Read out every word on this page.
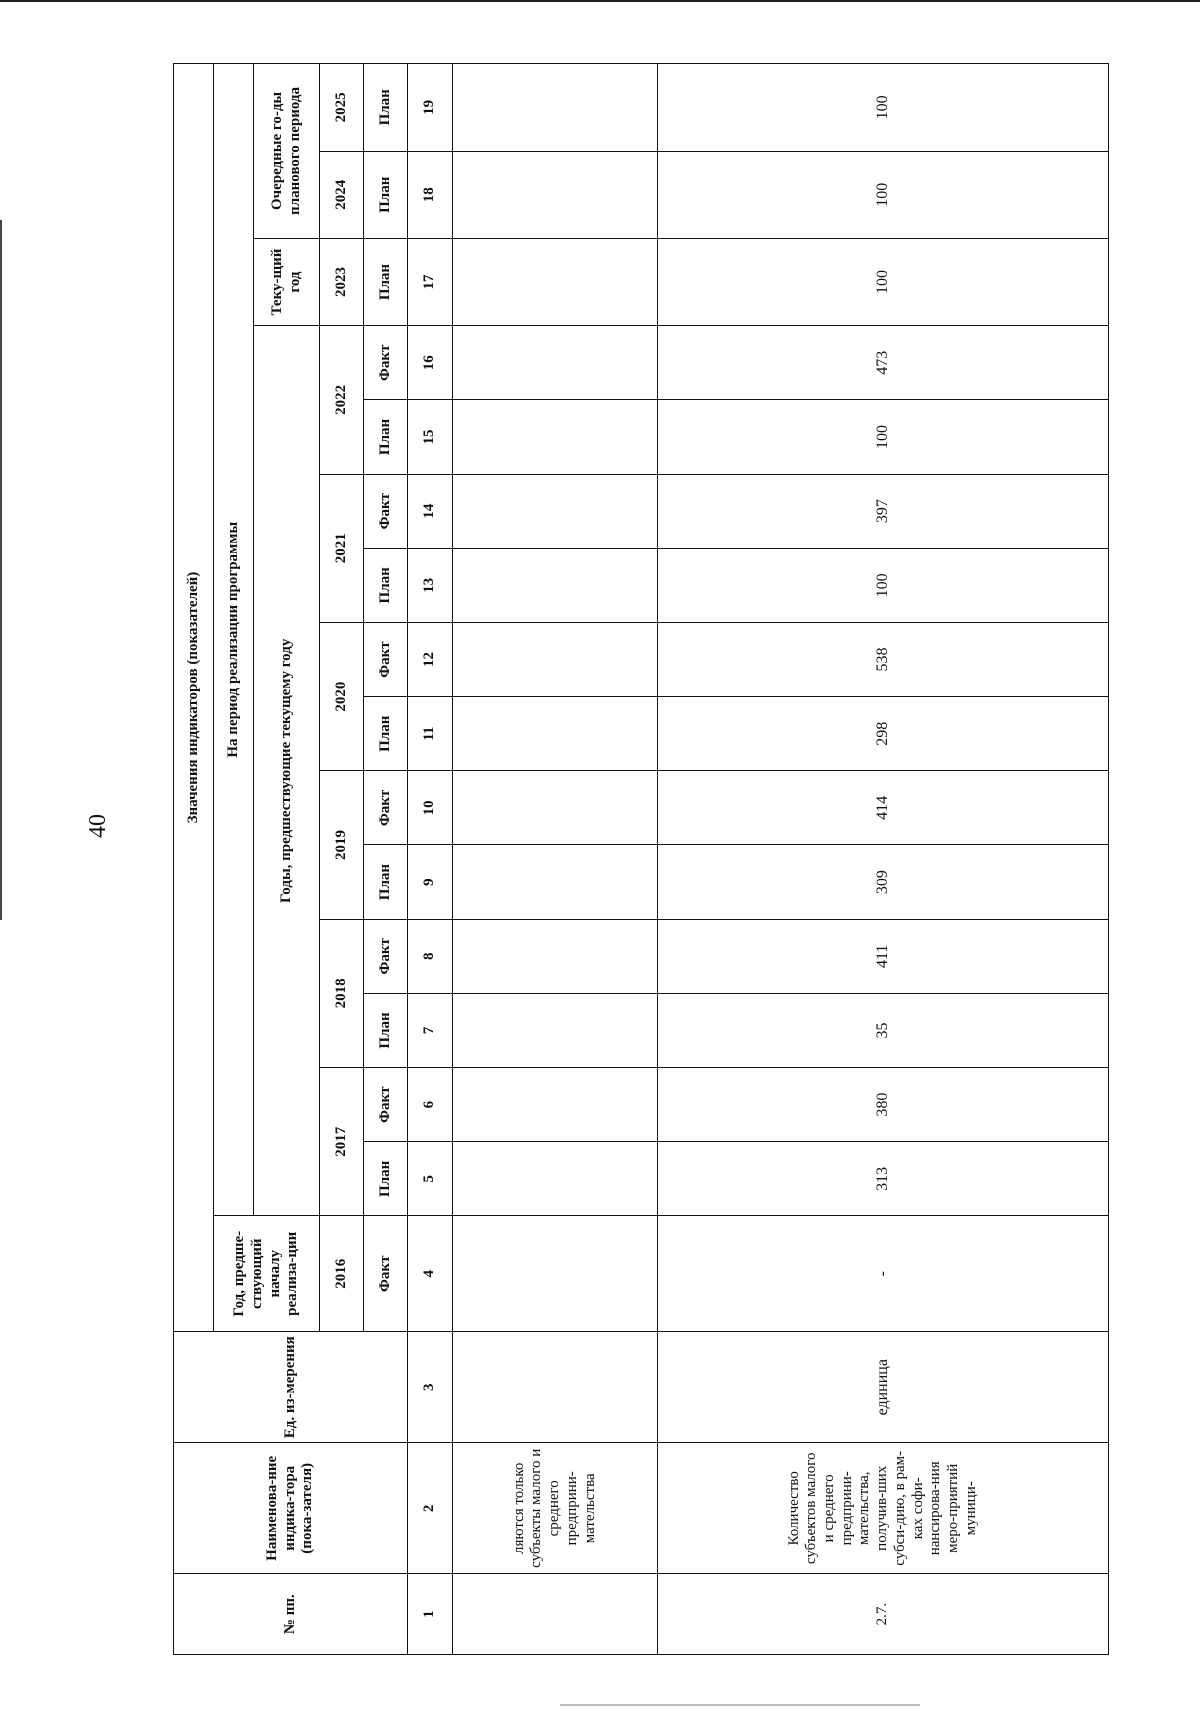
40
№ пп.	Наименова-ние индика-тора (пока-зателя)	Ед. из-мерения	Значения индикаторов (показателей)															
			Год, предше-ствующий началу реализа-ции	На период реализации программы														
				Годы, предшествующие текущему году												Теку-щий год	Очередные го-ды планового периода	
			2016	2017		2018		2019		2020		2021		2022		2023	2024	2025
			Факт	План	Факт	План	Факт	План	Факт	План	Факт	План	Факт	План	Факт	План	План	План
1	2	3	4	5	6	7	8	9	10	11	12	13	14	15	16	17	18	19
	ляются только субъекты малого и среднего предприни-мательства																	
2.7.	Количество субъектов малого и среднего предприни-мательства, получив-ших субси-дию, в рам-ках софи-нансирова-ния меро-приятий муници-	единица	-	313	380	35	411	309	414	298	538	100	397	100	473	100	100	100
